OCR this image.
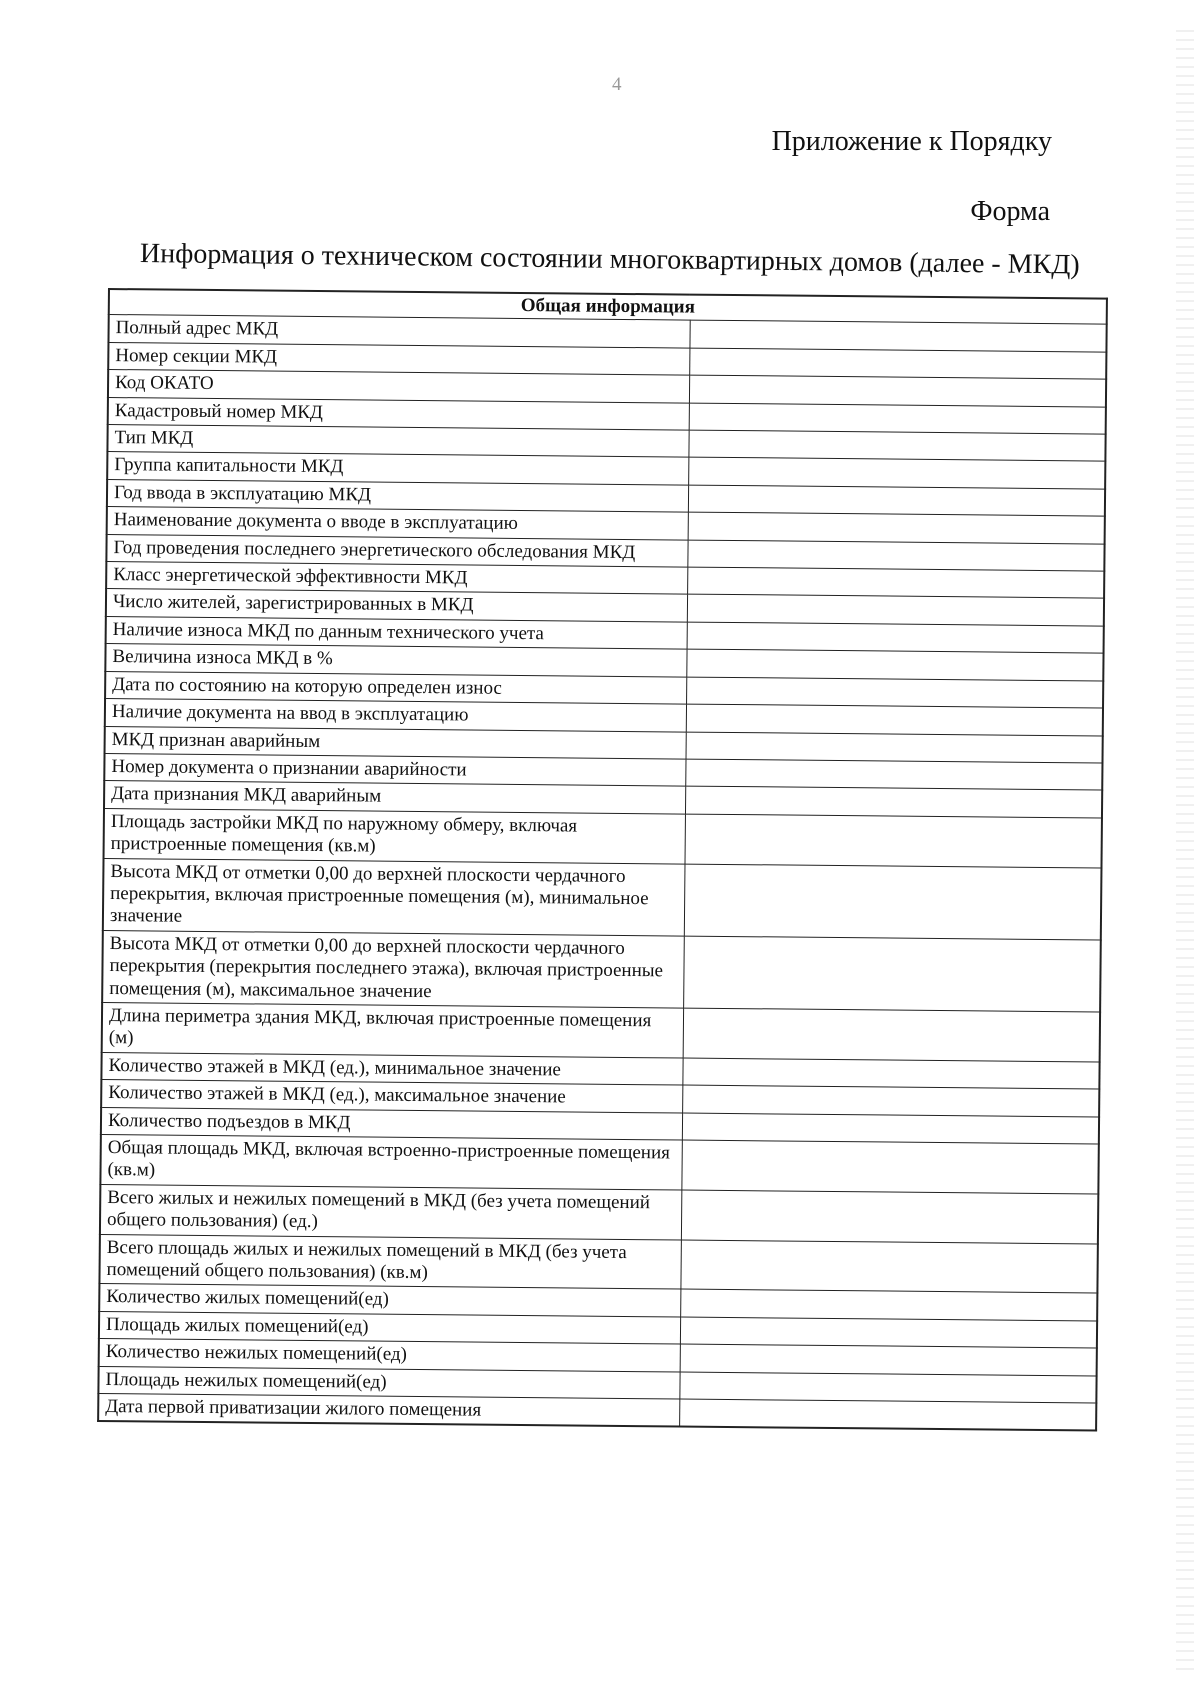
4
Приложение к Порядку
Форма
Информация о техническом состоянии многоквартирных домов (далее - МКД)
Общая информация	
Полный адрес МКД	
Номер секции МКД	
Код ОКАТО	
Кадастровый номер МКД	
Тип МКД	
Группа капитальности МКД	
Год ввода в эксплуатацию МКД	
Наименование документа о вводе в эксплуатацию	
Год проведения последнего энергетического обследования МКД	
Класс энергетической эффективности МКД	
Число жителей, зарегистрированных в МКД	
Наличие износа МКД по данным технического учета	
Величина износа МКД в %	
Дата по состоянию на которую определен износ	
Наличие документа на ввод в эксплуатацию	
МКД признан аварийным	
Номер документа о признании аварийности	
Дата признания МКД аварийным	
Площадь застройки МКД по наружному обмеру, включая пристроенные помещения (кв.м)	
Высота МКД от отметки 0,00 до верхней плоскости чердачного перекрытия, включая пристроенные помещения (м), минимальное значение	
Высота МКД от отметки 0,00 до верхней плоскости чердачного перекрытия (перекрытия последнего этажа), включая пристроенные помещения (м), максимальное значение	
Длина периметра здания МКД, включая пристроенные помещения (м)	
Количество этажей в МКД (ед.), минимальное значение	
Количество этажей в МКД (ед.), максимальное значение	
Количество подъездов в МКД	
Общая площадь МКД, включая встроенно-пристроенные помещения (кв.м)	
Всего жилых и нежилых помещений в МКД (без учета помещений общего пользования) (ед.)	
Всего площадь жилых и нежилых помещений в МКД (без учета помещений общего пользования) (кв.м)	
Количество жилых помещений(ед)	
Площадь жилых помещений(ед)	
Количество нежилых помещений(ед)	
Площадь нежилых помещений(ед)	
Дата первой приватизации жилого помещения	
